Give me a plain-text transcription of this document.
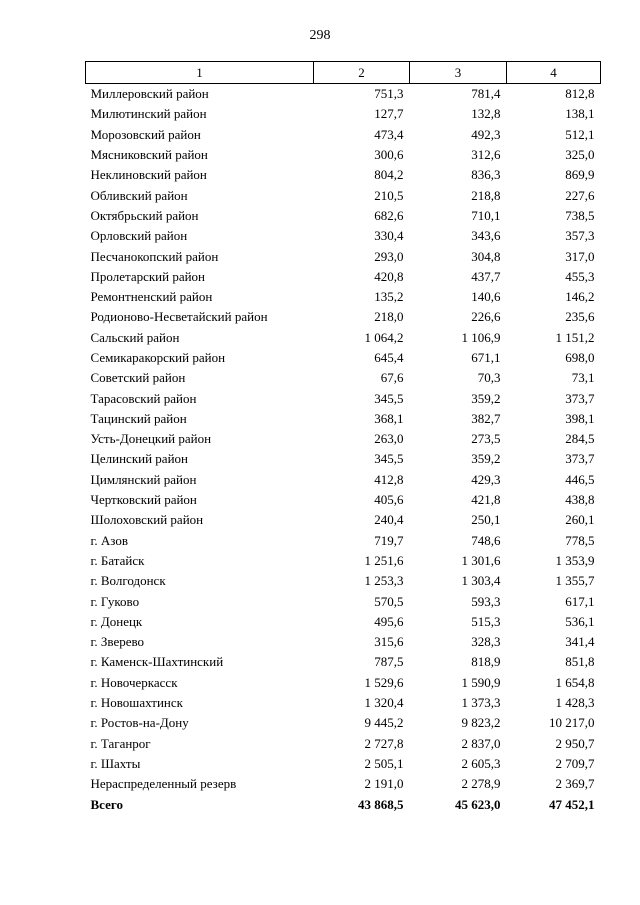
298
1	2	3	4
Миллеровский район	751,3	781,4	812,8
Милютинский район	127,7	132,8	138,1
Морозовский район	473,4	492,3	512,1
Мясниковский район	300,6	312,6	325,0
Неклиновский район	804,2	836,3	869,9
Обливский район	210,5	218,8	227,6
Октябрьский район	682,6	710,1	738,5
Орловский район	330,4	343,6	357,3
Песчанокопский район	293,0	304,8	317,0
Пролетарский район	420,8	437,7	455,3
Ремонтненский район	135,2	140,6	146,2
Родионово-Несветайский район	218,0	226,6	235,6
Сальский район	1 064,2	1 106,9	1 151,2
Семикаракорский район	645,4	671,1	698,0
Советский район	67,6	70,3	73,1
Тарасовский район	345,5	359,2	373,7
Тацинский район	368,1	382,7	398,1
Усть-Донецкий район	263,0	273,5	284,5
Целинский район	345,5	359,2	373,7
Цимлянский район	412,8	429,3	446,5
Чертковский район	405,6	421,8	438,8
Шолоховский район	240,4	250,1	260,1
г. Азов	719,7	748,6	778,5
г. Батайск	1 251,6	1 301,6	1 353,9
г. Волгодонск	1 253,3	1 303,4	1 355,7
г. Гуково	570,5	593,3	617,1
г. Донецк	495,6	515,3	536,1
г. Зверево	315,6	328,3	341,4
г. Каменск-Шахтинский	787,5	818,9	851,8
г. Новочеркасск	1 529,6	1 590,9	1 654,8
г. Новошахтинск	1 320,4	1 373,3	1 428,3
г. Ростов-на-Дону	9 445,2	9 823,2	10 217,0
г. Таганрог	2 727,8	2 837,0	2 950,7
г. Шахты	2 505,1	2 605,3	2 709,7
Нераспределенный резерв	2 191,0	2 278,9	2 369,7
Всего	43 868,5	45 623,0	47 452,1
